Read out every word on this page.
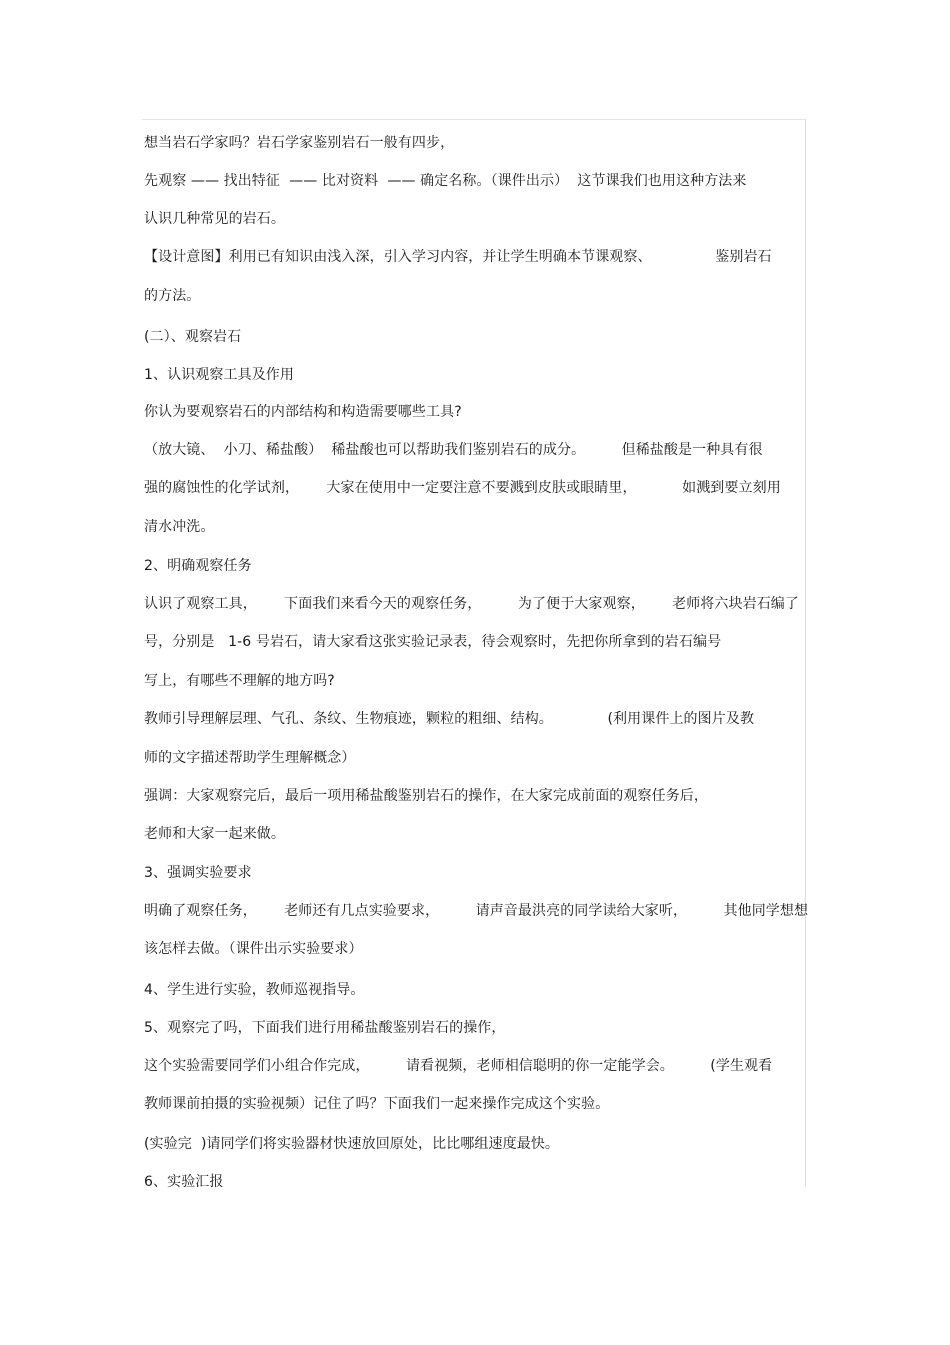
想当岩石学家吗？岩石学家鉴别岩石一般有四步，
先观察 —— 找出特征  —— 比对资料  —— 确定名称。（课件出示）  这节课我们也用这种方法来
认识几种常见的岩石。
【设计意图】利用已有知识由浅入深，引入学习内容，并让学生明确本节课观察、              鉴别岩石
的方法。
(二）、观察岩石
1、认识观察工具及作用
你认为要观察岩石的内部结构和构造需要哪些工具?
（放大镜、  小刀、稀盐酸）  稀盐酸也可以帮助我们鉴别岩石的成分。        但稀盐酸是一种具有很
强的腐蚀性的化学试剂，      大家在使用中一定要注意不要溅到皮肤或眼睛里，          如溅到要立刻用
清水冲洗。
2、明确观察任务
认识了观察工具，      下面我们来看今天的观察任务，        为了便于大家观察，      老师将六块岩石编了
号，分别是   1-6 号岩石，请大家看这张实验记录表，待会观察时，先把你所拿到的岩石编号
写上，有哪些不理解的地方吗?
教师引导理解层理、气孔、条纹、生物痕迹，颗粒的粗细、结构。            (利用课件上的图片及教
师的文字描述帮助学生理解概念）
强调：大家观察完后，最后一项用稀盐酸鉴别岩石的操作，在大家完成前面的观察任务后，
老师和大家一起来做。
3、强调实验要求
明确了观察任务，      老师还有几点实验要求，        请声音最洪亮的同学读给大家听，        其他同学想想
该怎样去做。（课件出示实验要求）
4、学生进行实验，教师巡视指导。
5、观察完了吗，下面我们进行用稀盐酸鉴别岩石的操作，
这个实验需要同学们小组合作完成，        请看视频，老师相信聪明的你一定能学会。        (学生观看
教师课前拍摄的实验视频）记住了吗？下面我们一起来操作完成这个实验。
(实验完  )请同学们将实验器材快速放回原处，比比哪组速度最快。
6、实验汇报
